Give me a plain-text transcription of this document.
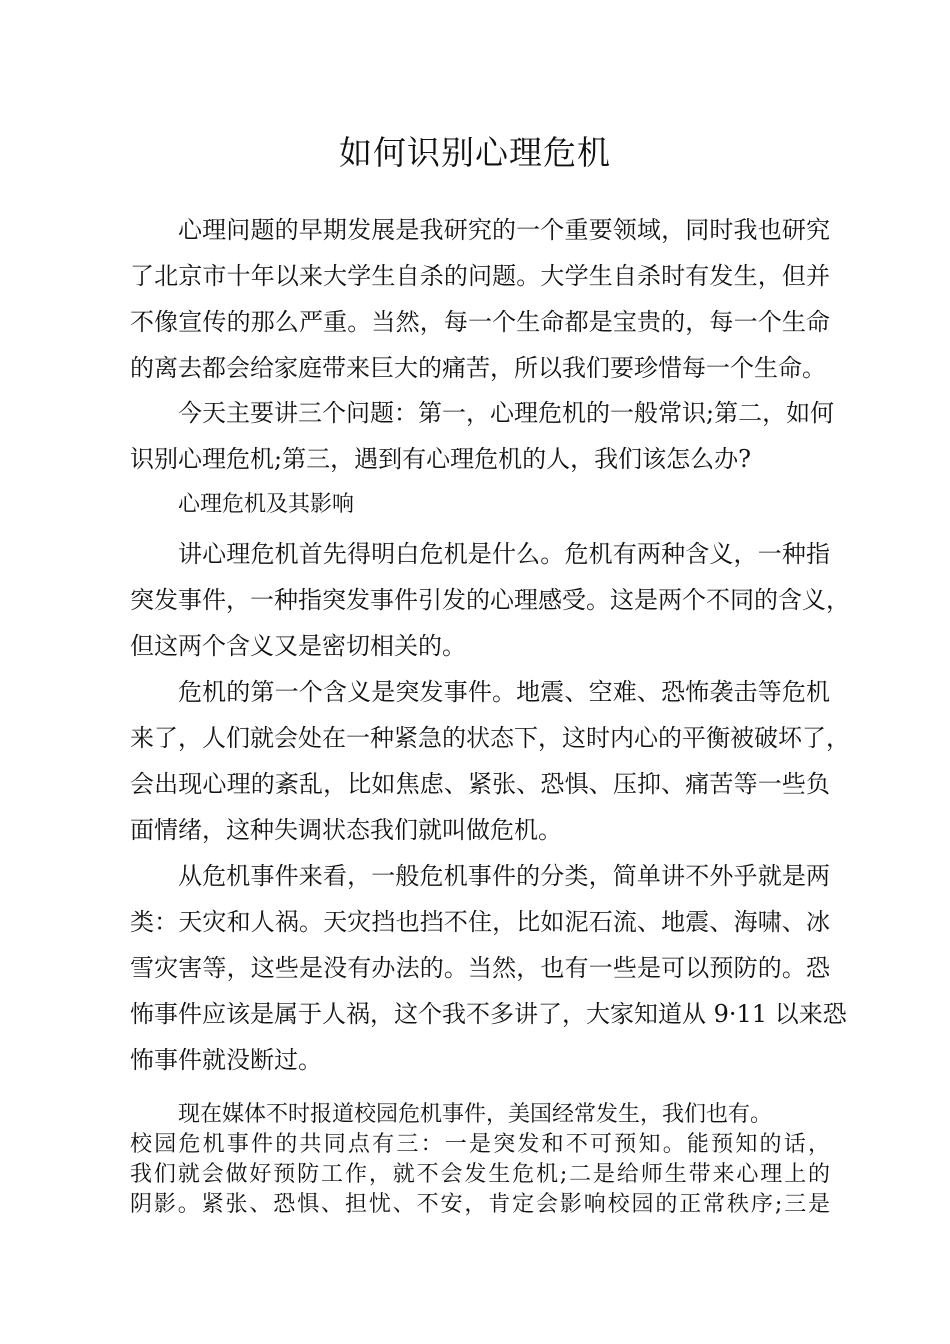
如何识别心理危机
心理问题的早期发展是我研究的一个重要领域，同时我也研究
了北京市十年以来大学生自杀的问题。大学生自杀时有发生，但并
不像宣传的那么严重。当然，每一个生命都是宝贵的，每一个生命
的离去都会给家庭带来巨大的痛苦，所以我们要珍惜每一个生命。
今天主要讲三个问题：第一，心理危机的一般常识;第二，如何
识别心理危机;第三，遇到有心理危机的人，我们该怎么办?
心理危机及其影响
讲心理危机首先得明白危机是什么。危机有两种含义，一种指
突发事件，一种指突发事件引发的心理感受。这是两个不同的含义，
但这两个含义又是密切相关的。
危机的第一个含义是突发事件。地震、空难、恐怖袭击等危机
来了，人们就会处在一种紧急的状态下，这时内心的平衡被破坏了，
会出现心理的紊乱，比如焦虑、紧张、恐惧、压抑、痛苦等一些负
面情绪，这种失调状态我们就叫做危机。
从危机事件来看，一般危机事件的分类，简单讲不外乎就是两
类：天灾和人祸。天灾挡也挡不住，比如泥石流、地震、海啸、冰
雪灾害等，这些是没有办法的。当然，也有一些是可以预防的。恐
怖事件应该是属于人祸，这个我不多讲了，大家知道从 9·11 以来恐
怖事件就没断过。
现在媒体不时报道校园危机事件，美国经常发生，我们也有。
校园危机事件的共同点有三：一是突发和不可预知。能预知的话，
我们就会做好预防工作，就不会发生危机;二是给师生带来心理上的
阴影。紧张、恐惧、担忧、不安，肯定会影响校园的正常秩序;三是
